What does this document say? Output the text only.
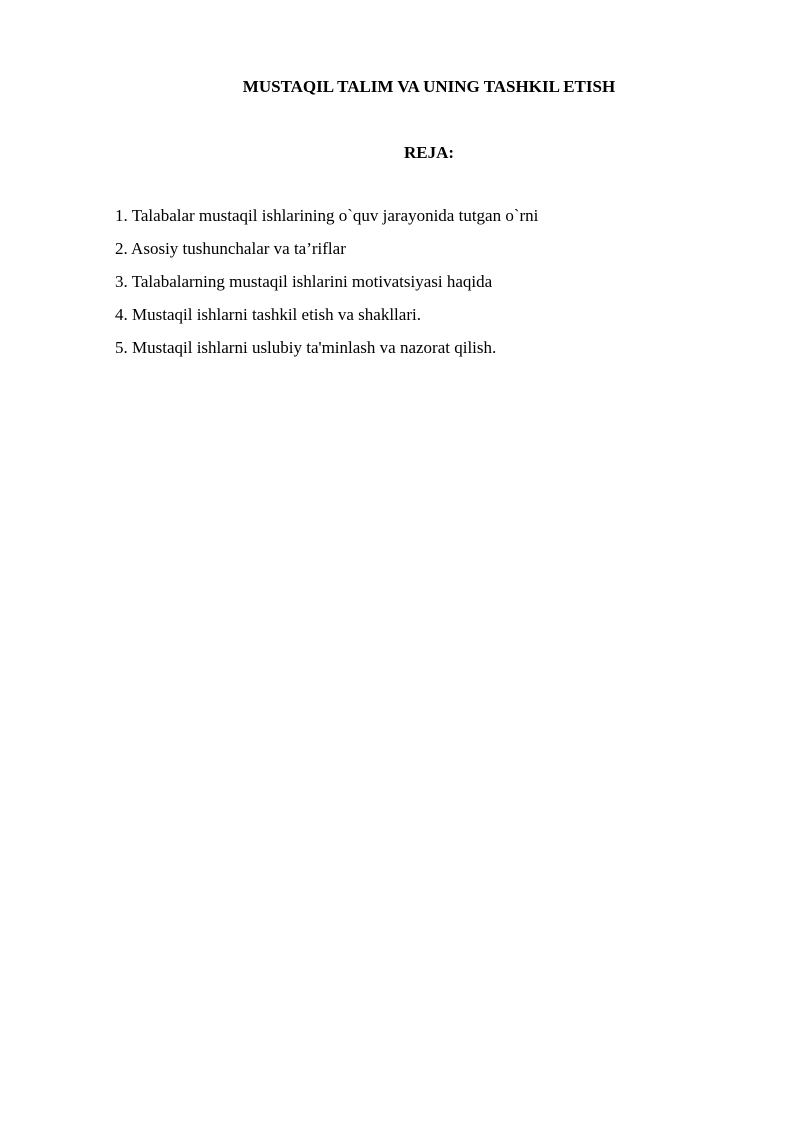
MUSTAQIL TALIM VA UNING TASHKIL ETISH
REJA:
1. Talabalar mustaqil ishlarining o`quv jarayonida tutgan o`rni
2. Asosiy tushunchalar va ta’riflar
3. Talabalarning mustaqil ishlarini motivatsiyasi haqida
4. Mustaqil ishlarni tashkil etish va shakllari.
5. Mustaqil ishlarni uslubiy ta'minlash va nazorat qilish.
